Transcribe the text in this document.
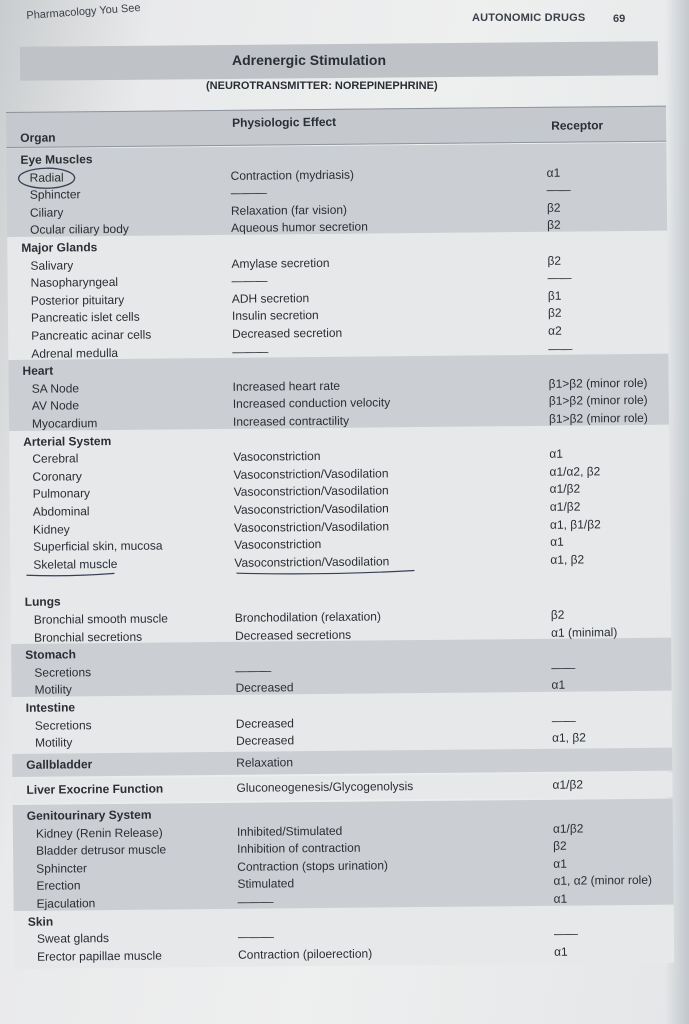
Pharmacology You See	AUTONOMIC DRUGS	69
Adrenergic Stimulation
(NEUROTRANSMITTER: NOREPINEPHRINE)
Organ
Physiologic Effect	Receptor
Eye Muscles
Radial	Contraction (mydriasis)	α1
Sphincter	———	——
Ciliary	Relaxation (far vision)	β2
Ocular ciliary body	Aqueous humor secretion	β2
Major Glands
Salivary	Amylase secretion	β2
Nasopharyngeal	———	——
Posterior pituitary	ADH secretion	β1
Pancreatic islet cells	Insulin secretion	β2
Pancreatic acinar cells	Decreased secretion	α2
Adrenal medulla	———	——
Heart
SA Node	Increased heart rate	β1>β2 (minor role)
AV Node	Increased conduction velocity	β1>β2 (minor role)
Myocardium	Increased contractility	β1>β2 (minor role)
Arterial System
Cerebral	Vasoconstriction	α1
Coronary	Vasoconstriction/Vasodilation	α1/α2, β2
Pulmonary	Vasoconstriction/Vasodilation	α1/β2
Abdominal	Vasoconstriction/Vasodilation	α1/β2
Kidney	Vasoconstriction/Vasodilation	α1, β1/β2
Superficial skin, mucosa	Vasoconstriction	α1
Skeletal muscle	Vasoconstriction/Vasodilation	α1, β2
Lungs
Bronchial smooth muscle	Bronchodilation (relaxation)	β2
Bronchial secretions	Decreased secretions	α1 (minimal)
Stomach
Secretions	———	——
Motility	Decreased	α1
Intestine
Secretions	Decreased	——
Motility	Decreased	α1, β2
Gallbladder	Relaxation
Liver Exocrine Function	Gluconeogenesis/Glycogenolysis	α1/β2
Genitourinary System
Kidney (Renin Release)	Inhibited/Stimulated	α1/β2
Bladder detrusor muscle	Inhibition of contraction	β2
Sphincter	Contraction (stops urination)	α1
Erection	Stimulated	α1, α2 (minor role)
Ejaculation	———	α1
Skin
Sweat glands	———	——
Erector papillae muscle	Contraction (piloerection)	α1
